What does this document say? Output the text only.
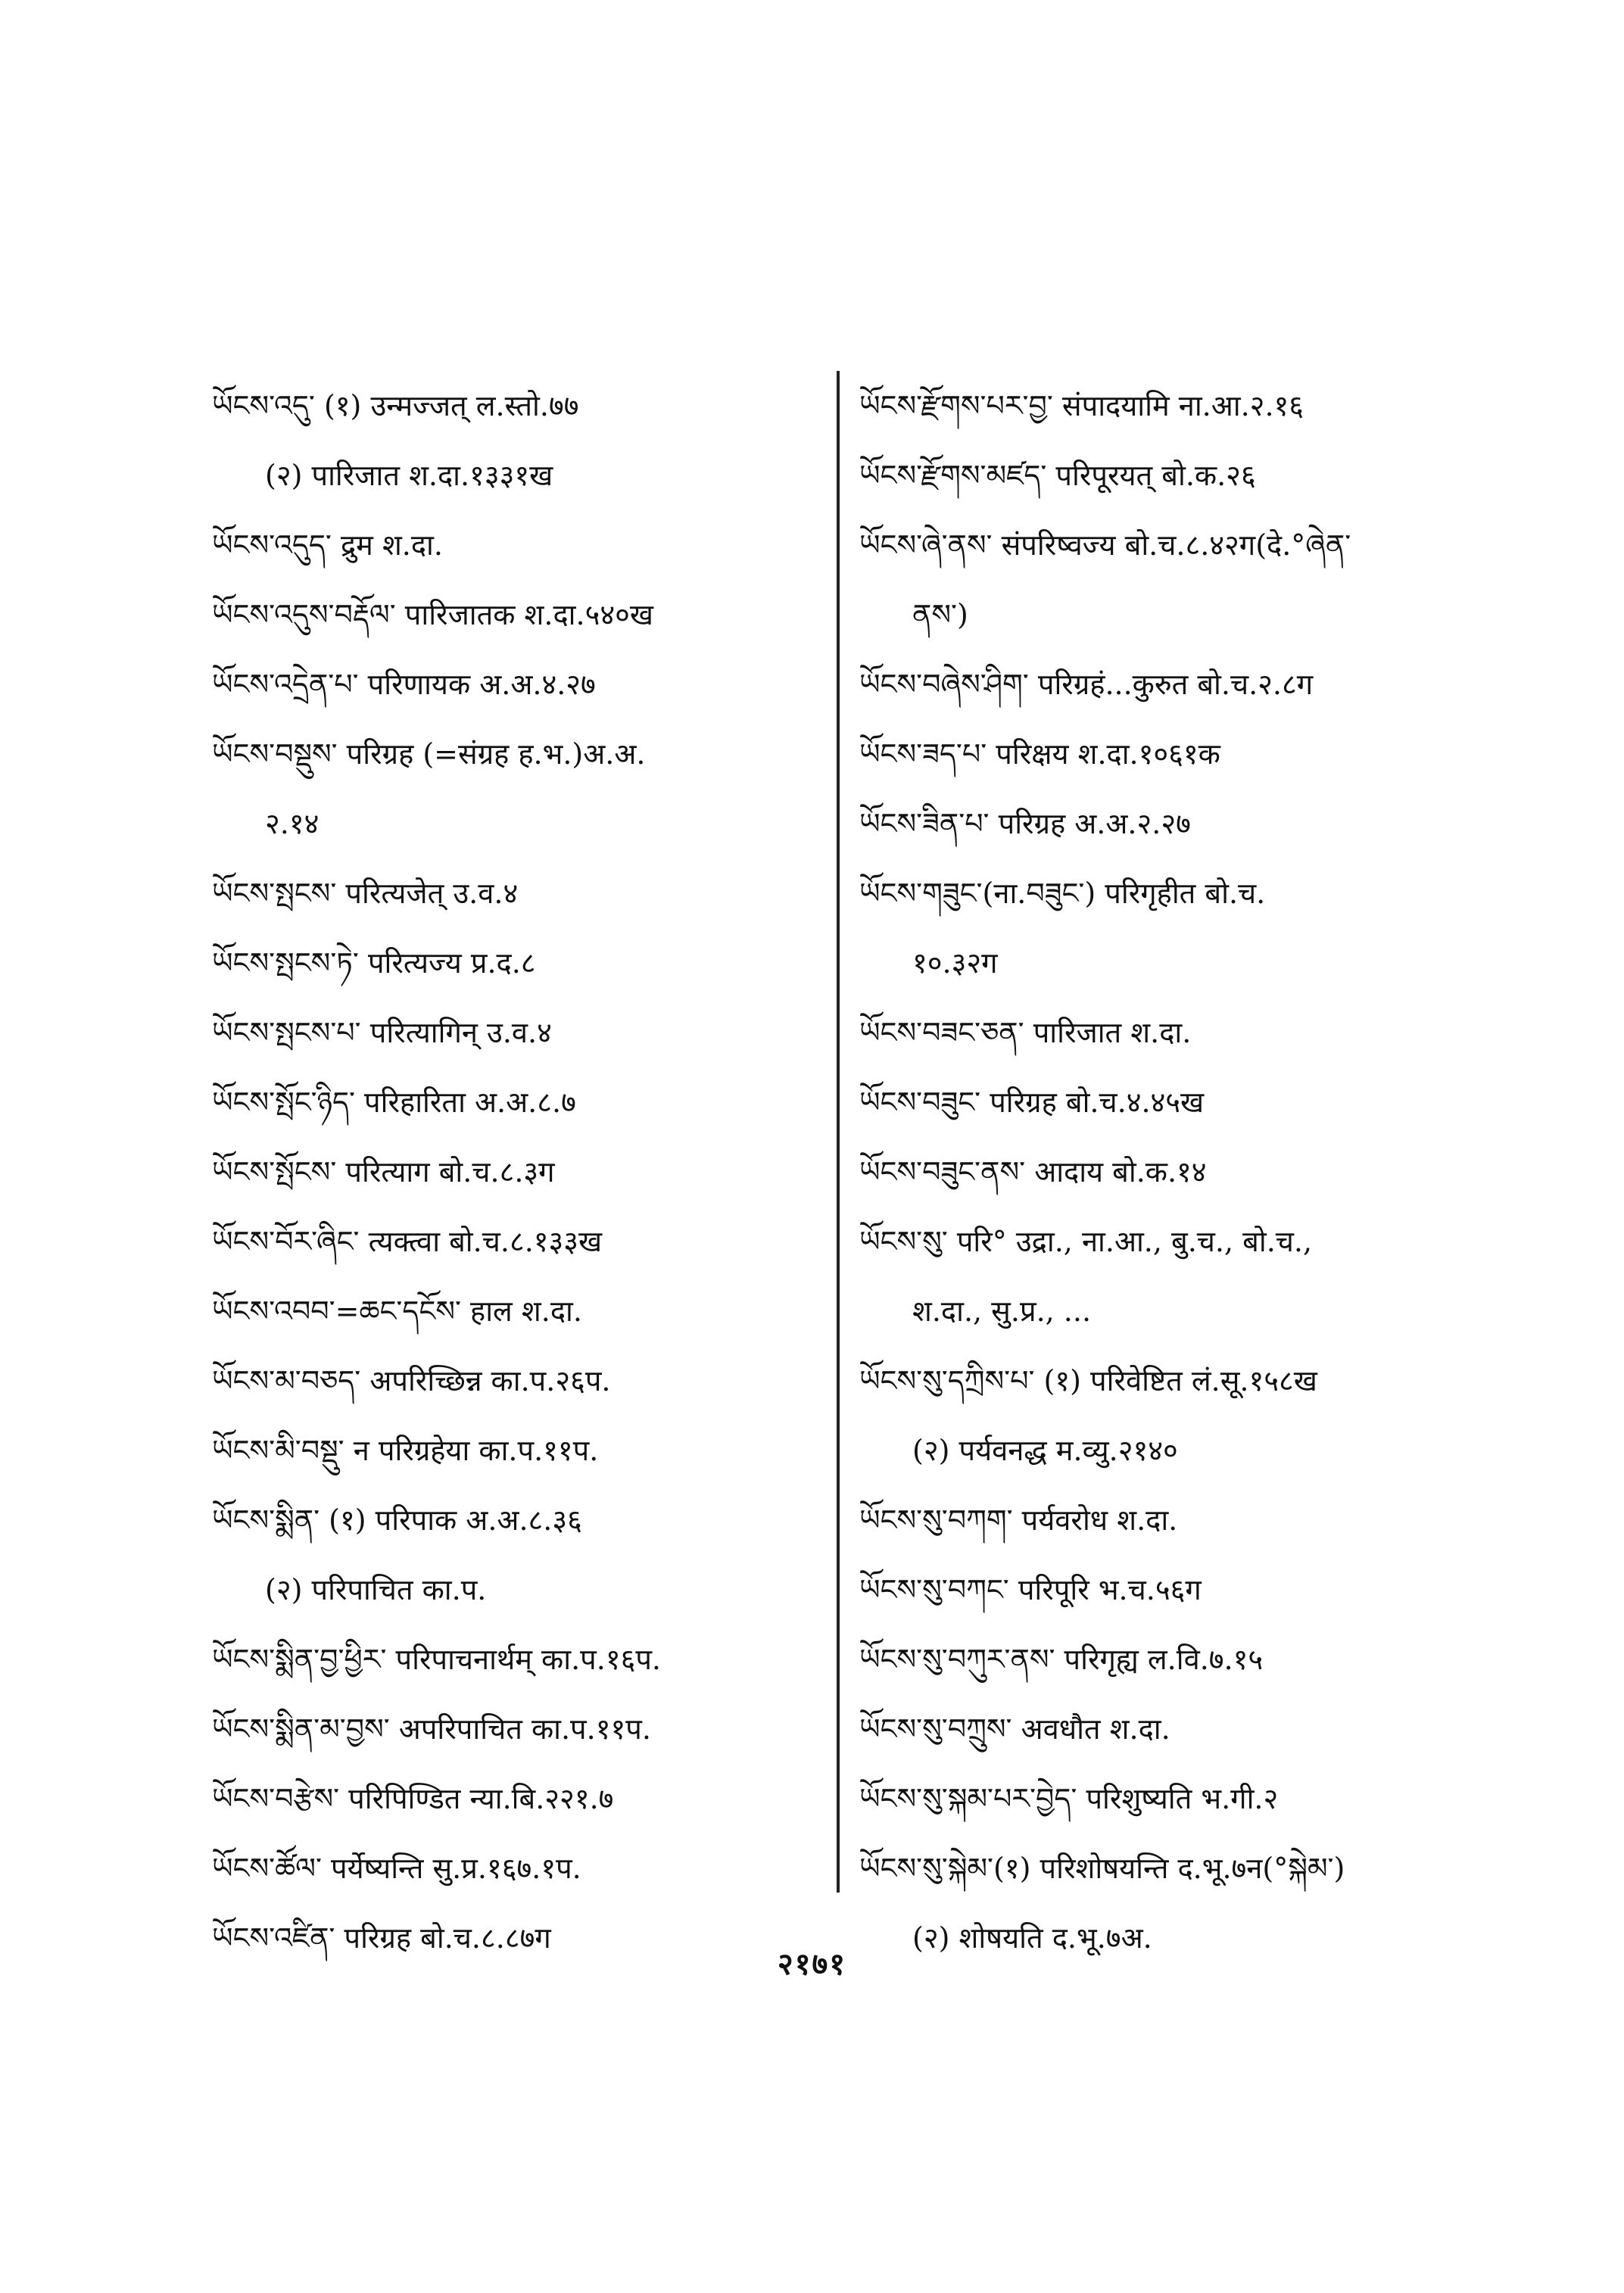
ཡོངས་འདུ་ (१) उन्मज्जत् ल.स्तो.७७
(२) पारिजात श.दा.१३३१ख
ཡོངས་འདུད་ द्रुम श.दा.
ཡོངས་འདུས་བརྡོལ་ पारिजातक श.दा.५४०ख
ཡོངས་འདྲེན་པ་ परिणायक अ.अ.४.२७
ཡོངས་བསྡུས་ परिग्रह (=संग्रह ह.भ.)अ.अ.
२.१४
ཡོངས་སྤངས་ परित्यजेत् उ.व.४
ཡོངས་སྤངས་ཏེ་ परित्यज्य प्र.द.८
ཡོངས་སྤངས་པ་ परित्यागिन् उ.व.४
ཡོངས་སྤོང་ཉིད་ परिहारिता अ.अ.८.७
ཡོངས་སྤོངས་ परित्याग बो.च.८.३ग
ཡོངས་བོར་ཞིང་ त्यक्त्वा बो.च.८.१३३ख
ཡོངས་འབབ་=ཆང་དངོས་ हाल श.दा.
ཡོངས་མ་བཅད་ अपरिच्छिन्न का.प.२६प.
ཡོངས་མི་བསྡུ་ न परिग्रहेया का.प.११प.
ཡོངས་སྨིན་ (१) परिपाक अ.अ.८.३६
(२) परिपाचित का.प.
ཡོངས་སྨིན་བྱ་ཕྱིར་ परिपाचनार्थम् का.प.१६प.
ཡོངས་སྨིན་མ་བྱས་ अपरिपाचित का.प.११प.
ཡོངས་བརྩེས་ परिपिण्डित न्या.बि.२२१.७
ཡོངས་ཚོལ་ पर्येष्यन्ति सु.प्र.१६७.१प.
ཡོངས་འཛིན་ परिग्रह बो.च.८.८७ग
ཡོངས་རྫོགས་པར་བྱ་ संपादयामि ना.आ.२.१६
ཡོངས་རྫོགས་མཛད་ परिपूरयत् बो.क.२६
ཡོངས་ཞེ་ནས་ संपरिष्वज्य बो.च.८.४२ग(दे.°ཞེན་
ནས་)
ཡོངས་བཞེས་ཤིག་ परिग्रहं...कुरुत बो.च.२.८ग
ཡོངས་ཟད་པ་ परिक्षय श.दा.१०६१क
ཡོངས་ཟིན་པ་ परिग्रह अ.अ.२.२७
ཡོངས་གཟུང་(ना.བཟུང་) परिगृहीत बो.च.
१०.३२ग
ཡོངས་བཟང་ཅན་ पारिजात श.दा.
ཡོངས་བཟུང་ परिग्रह बो.च.४.४५ख
ཡོངས་བཟུང་ནས་ आदाय बो.क.१४
ཡོངས་སུ་ परि° उद्रा., ना.आ., बु.च., बो.च.,
श.दा., सु.प्र., ...
ཡོངས་སུ་དཀྲིས་པ་ (१) परिवेष्टित लं.सू.१५८ख
(२) पर्यवनद्ध म.व्यु.२१४०
ཡོངས་སུ་བཀག་ पर्यवरोध श.दा.
ཡོངས་སུ་བཀང་ परिपूरि भ.च.५६ग
ཡོངས་སུ་བཀུར་ནས་ परिगृह्य ल.वि.७.१५
ཡོངས་སུ་བཀྲུས་ अवधौत श.दा.
ཡོངས་སུ་སྐམ་པར་བྱེད་ परिशुष्यति भ.गी.२
ཡོངས་སུ་སྐེམ་(१) परिशोषयन्ति द.भू.७न(°སྐེམ་)
(२) शोषयति द.भू.७अ.
२१७१
